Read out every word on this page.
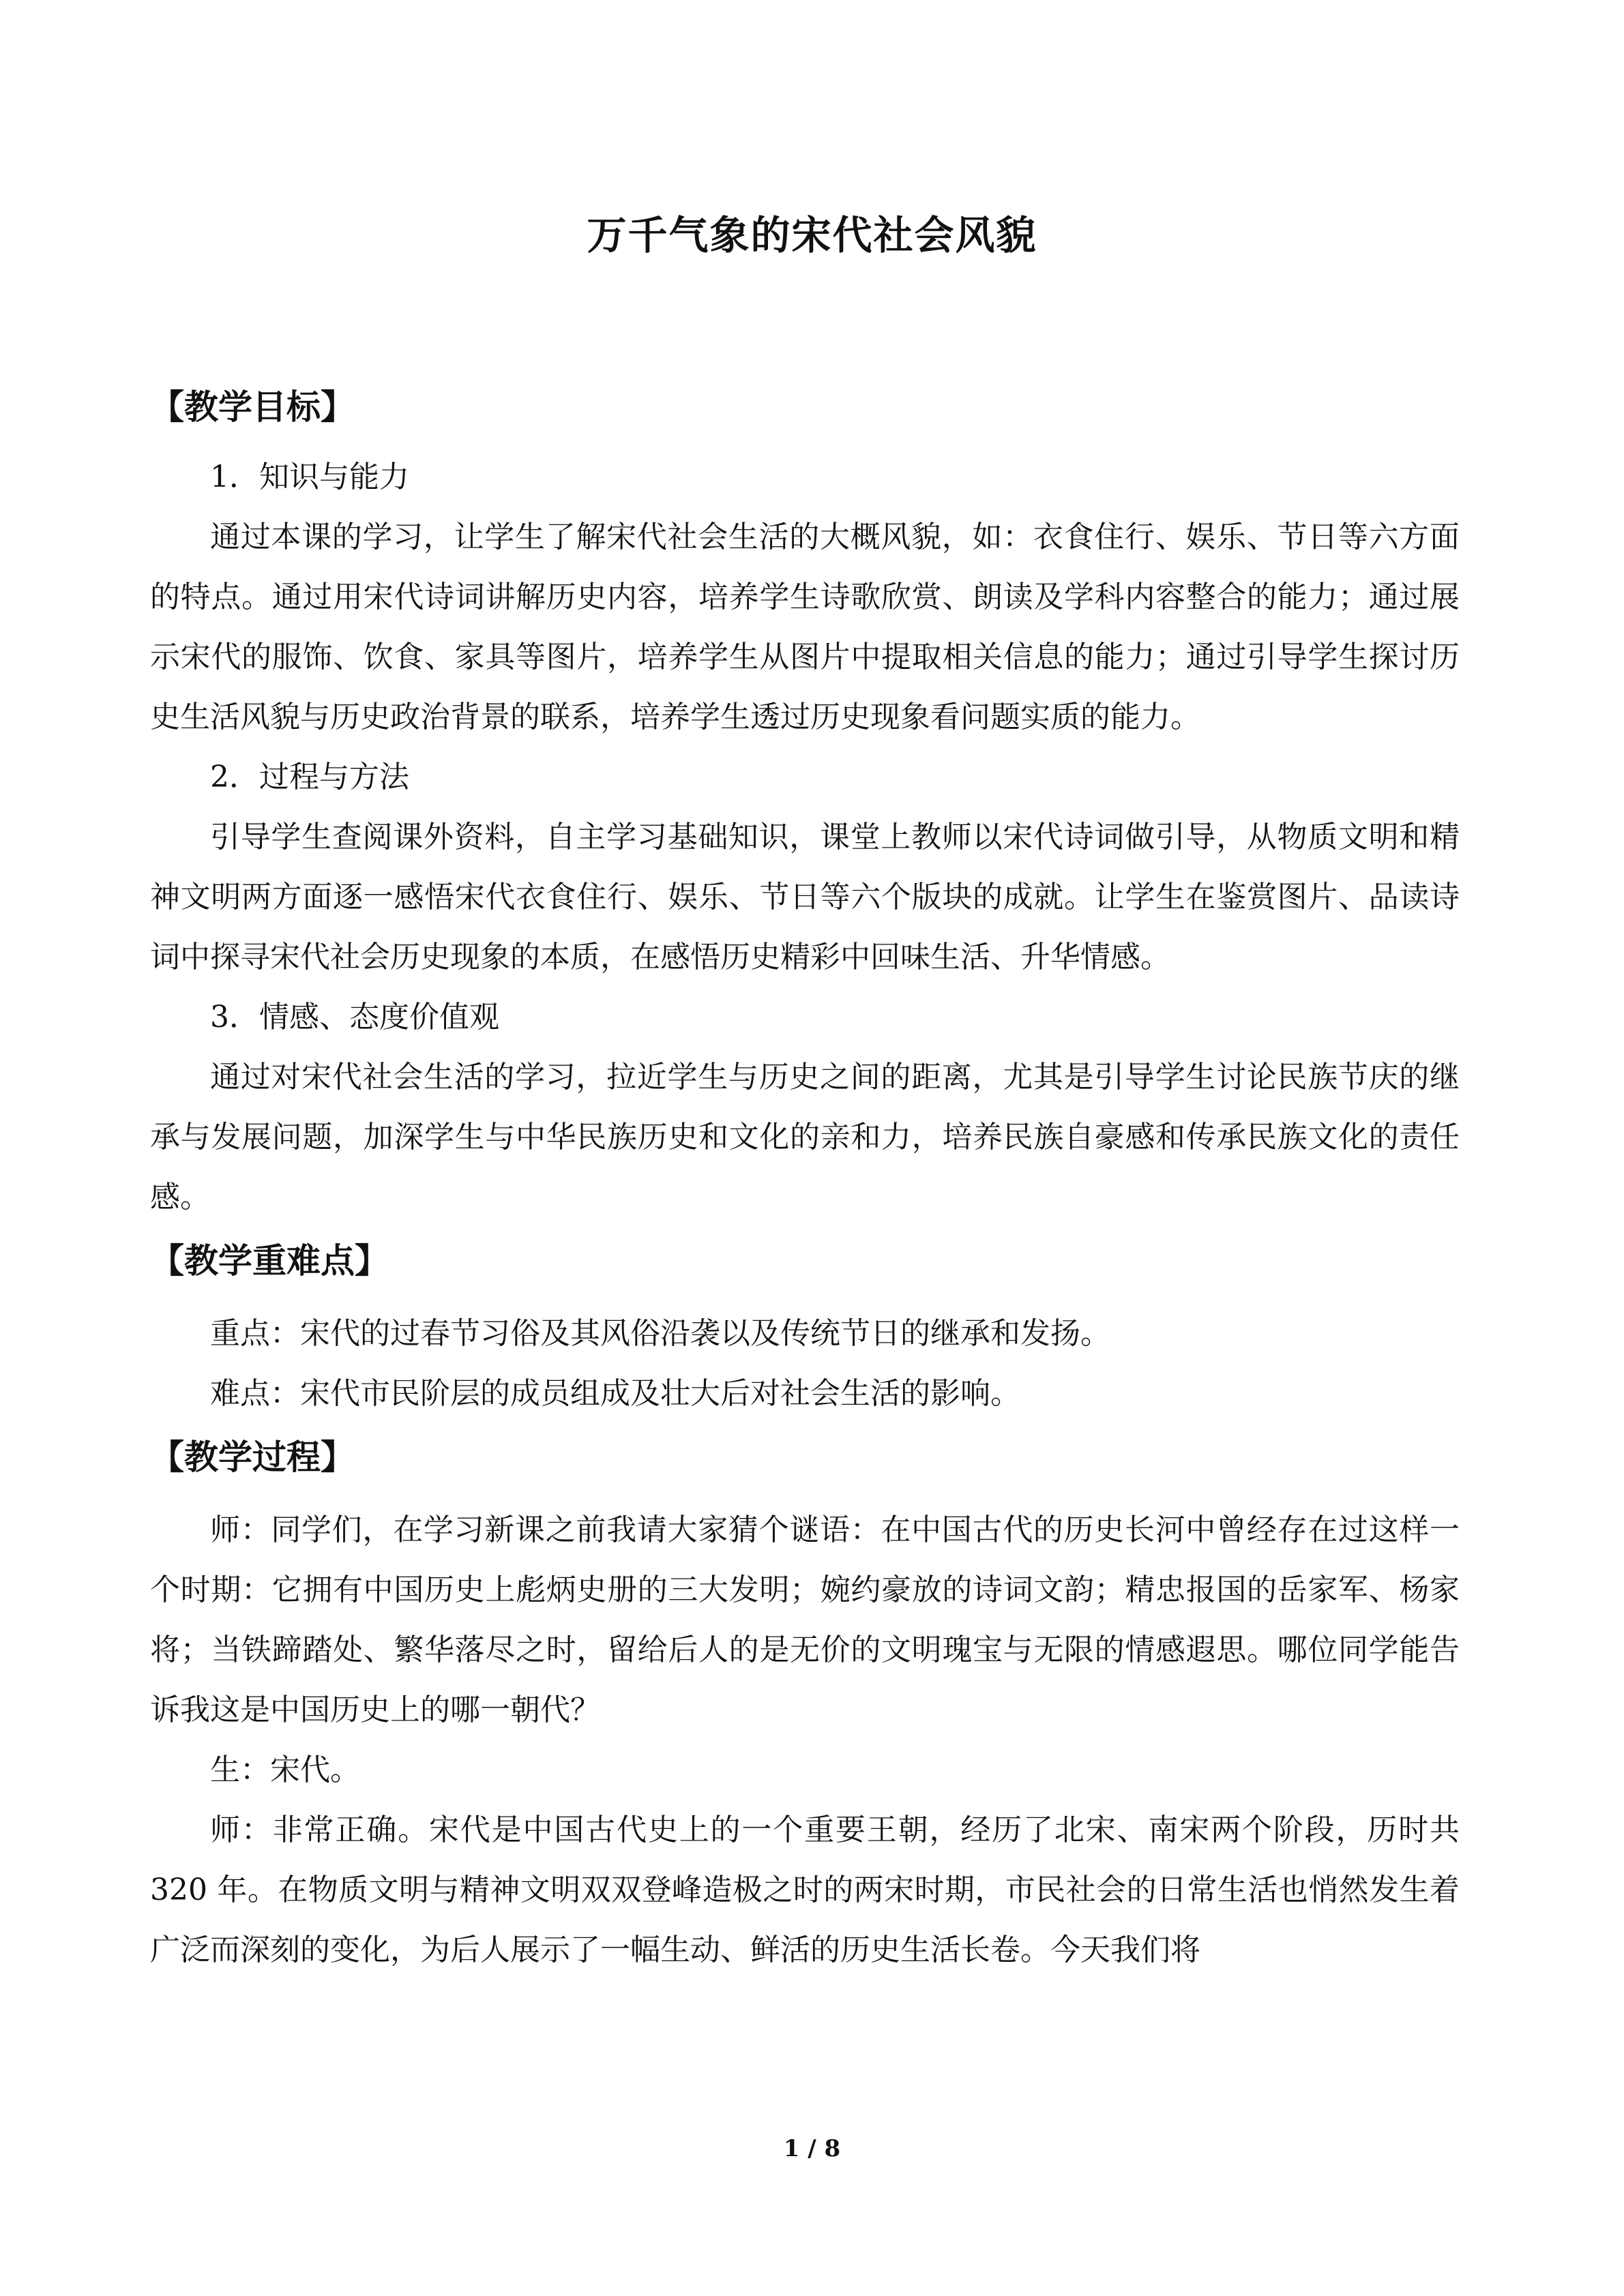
万千气象的宋代社会风貌
【教学目标】
1．知识与能力
通过本课的学习，让学生了解宋代社会生活的大概风貌，如：衣食住行、娱乐、节日等六方面的特点。通过用宋代诗词讲解历史内容，培养学生诗歌欣赏、朗读及学科内容整合的能力；通过展示宋代的服饰、饮食、家具等图片，培养学生从图片中提取相关信息的能力；通过引导学生探讨历史生活风貌与历史政治背景的联系，培养学生透过历史现象看问题实质的能力。
2．过程与方法
引导学生查阅课外资料，自主学习基础知识，课堂上教师以宋代诗词做引导，从物质文明和精神文明两方面逐一感悟宋代衣食住行、娱乐、节日等六个版块的成就。让学生在鉴赏图片、品读诗词中探寻宋代社会历史现象的本质，在感悟历史精彩中回味生活、升华情感。
3．情感、态度价值观
通过对宋代社会生活的学习，拉近学生与历史之间的距离，尤其是引导学生讨论民族节庆的继承与发展问题，加深学生与中华民族历史和文化的亲和力，培养民族自豪感和传承民族文化的责任感。
【教学重难点】
重点：宋代的过春节习俗及其风俗沿袭以及传统节日的继承和发扬。
难点：宋代市民阶层的成员组成及壮大后对社会生活的影响。
【教学过程】
师：同学们，在学习新课之前我请大家猜个谜语：在中国古代的历史长河中曾经存在过这样一个时期：它拥有中国历史上彪炳史册的三大发明；婉约豪放的诗词文韵；精忠报国的岳家军、杨家将；当铁蹄踏处、繁华落尽之时，留给后人的是无价的文明瑰宝与无限的情感遐思。哪位同学能告诉我这是中国历史上的哪一朝代？
生：宋代。
师：非常正确。宋代是中国古代史上的一个重要王朝，经历了北宋、南宋两个阶段，历时共 320 年。在物质文明与精神文明双双登峰造极之时的两宋时期，市民社会的日常生活也悄然发生着广泛而深刻的变化，为后人展示了一幅生动、鲜活的历史生活长卷。今天我们将
1 / 8
